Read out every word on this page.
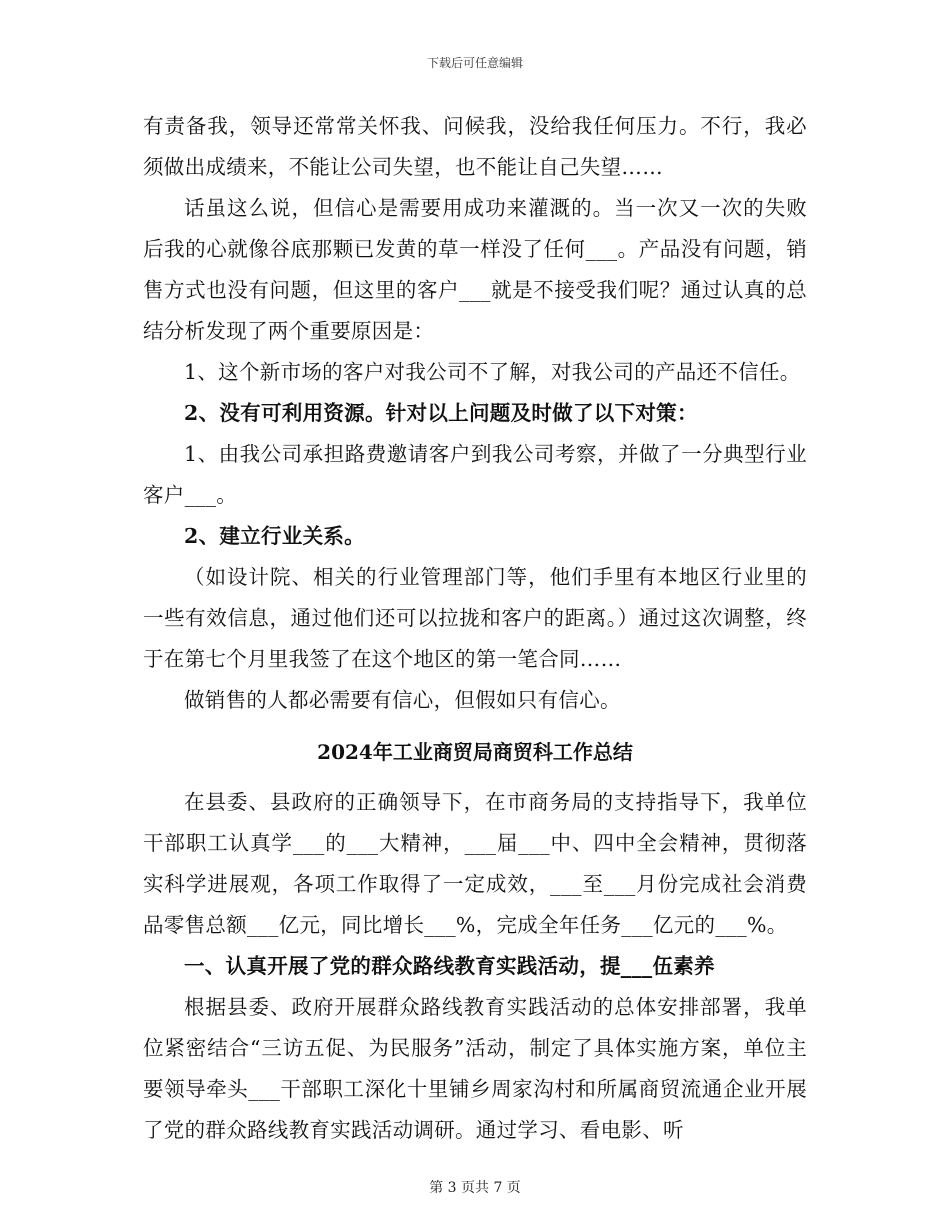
下载后可任意编辑

有责备我，领导还常常关怀我、问候我，没给我任何压力。不行，我必须做出成绩来，不能让公司失望，也不能让自己失望……

话虽这么说，但信心是需要用成功来灌溉的。当一次又一次的失败后我的心就像谷底那颗已发黄的草一样没了任何___。产品没有问题，销售方式也没有问题，但这里的客户___就是不接受我们呢？通过认真的总结分析发现了两个重要原因是：

1、这个新市场的客户对我公司不了解，对我公司的产品还不信任。

2、没有可利用资源。针对以上问题及时做了以下对策：

1、由我公司承担路费邀请客户到我公司考察，并做了一分典型行业客户___。

2、建立行业关系。

（如设计院、相关的行业管理部门等，他们手里有本地区行业里的一些有效信息，通过他们还可以拉拢和客户的距离。）通过这次调整，终于在第七个月里我签了在这个地区的第一笔合同……

做销售的人都必需要有信心，但假如只有信心。

2024年工业商贸局商贸科工作总结

在县委、县政府的正确领导下，在市商务局的支持指导下，我单位干部职工认真学___的___大精神，___届___中、四中全会精神，贯彻落实科学进展观，各项工作取得了一定成效，___至___月份完成社会消费品零售总额___亿元，同比增长___%，完成全年任务___亿元的___%。

一、认真开展了党的群众路线教育实践活动，提___伍素养

根据县委、政府开展群众路线教育实践活动的总体安排部署，我单位紧密结合“三访五促、为民服务”活动，制定了具体实施方案，单位主要领导牵头___干部职工深化十里铺乡周家沟村和所属商贸流通企业开展了党的群众路线教育实践活动调研。通过学习、看电影、听

第 3 页共 7 页
